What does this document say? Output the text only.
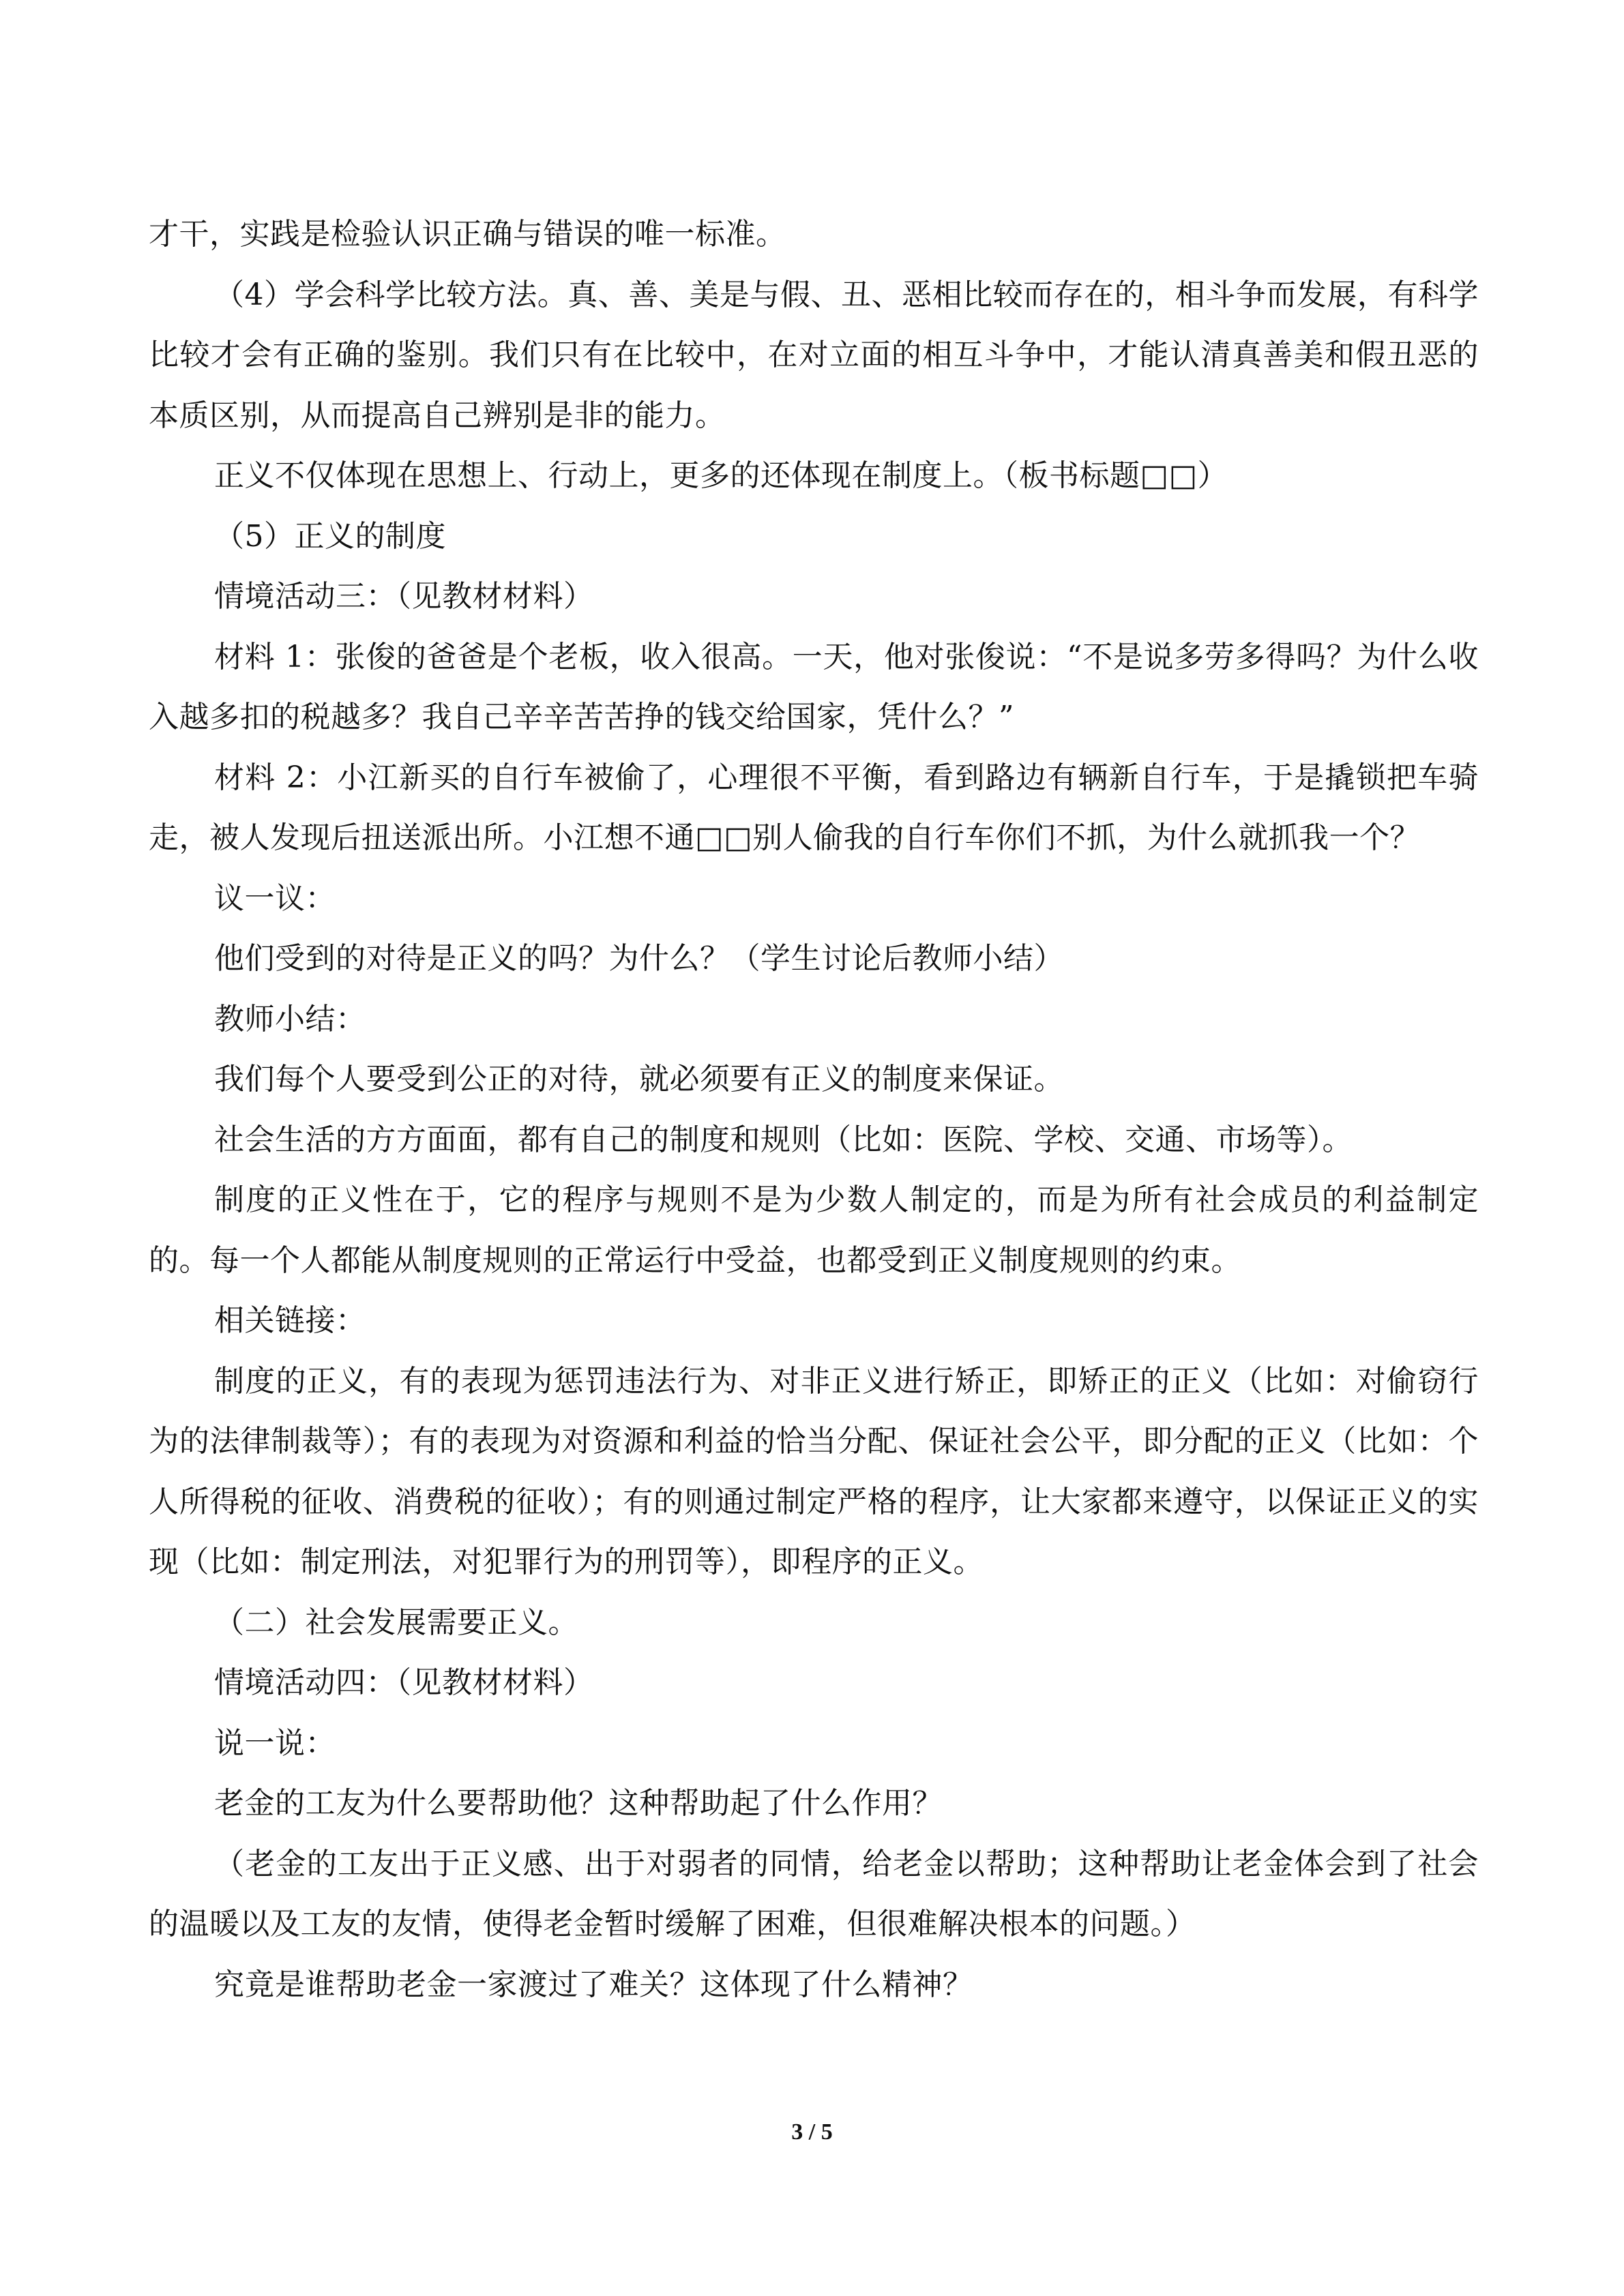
才干，实践是检验认识正确与错误的唯一标准。

（4）学会科学比较方法。真、善、美是与假、丑、恶相比较而存在的，相斗争而发展，有科学比较才会有正确的鉴别。我们只有在比较中，在对立面的相互斗争中，才能认清真善美和假丑恶的本质区别，从而提高自己辨别是非的能力。

正义不仅体现在思想上、行动上，更多的还体现在制度上。（板书标题□□）

（5）正义的制度

情境活动三：（见教材材料）

材料 1：张俊的爸爸是个老板，收入很高。一天，他对张俊说：“不是说多劳多得吗？为什么收入越多扣的税越多？我自己辛辛苦苦挣的钱交给国家，凭什么？”

材料 2：小江新买的自行车被偷了，心理很不平衡，看到路边有辆新自行车，于是撬锁把车骑走，被人发现后扭送派出所。小江想不通□□别人偷我的自行车你们不抓，为什么就抓我一个？

议一议：

他们受到的对待是正义的吗？为什么？（学生讨论后教师小结）

教师小结：

我们每个人要受到公正的对待，就必须要有正义的制度来保证。

社会生活的方方面面，都有自己的制度和规则（比如：医院、学校、交通、市场等）。

制度的正义性在于，它的程序与规则不是为少数人制定的，而是为所有社会成员的利益制定的。每一个人都能从制度规则的正常运行中受益，也都受到正义制度规则的约束。

相关链接：

制度的正义，有的表现为惩罚违法行为、对非正义进行矫正，即矫正的正义（比如：对偷窃行为的法律制裁等）；有的表现为对资源和利益的恰当分配、保证社会公平，即分配的正义（比如：个人所得税的征收、消费税的征收）；有的则通过制定严格的程序，让大家都来遵守，以保证正义的实现（比如：制定刑法，对犯罪行为的刑罚等），即程序的正义。

（二）社会发展需要正义。

情境活动四：（见教材材料）

说一说：

老金的工友为什么要帮助他？这种帮助起了什么作用？

（老金的工友出于正义感、出于对弱者的同情，给老金以帮助；这种帮助让老金体会到了社会的温暖以及工友的友情，使得老金暂时缓解了困难，但很难解决根本的问题。）

究竟是谁帮助老金一家渡过了难关？这体现了什么精神？

3 / 5
